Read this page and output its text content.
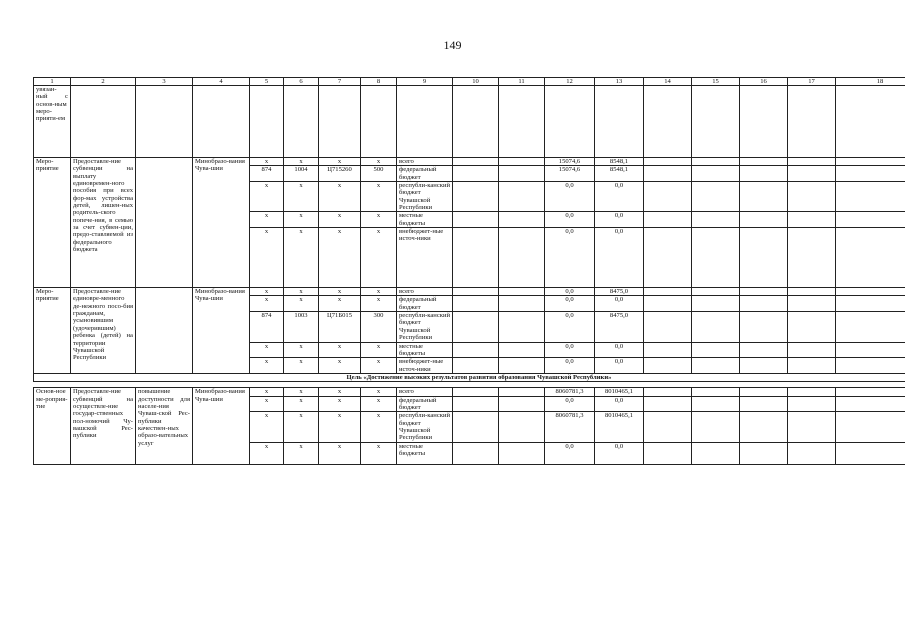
149
1	2	3	4	5	6	7	8	9	10	11	12	13	14	15	16	17	18
увязан-ный с основ-ным меро-прияти-ем																	
Меро-приятие	Предоставле-ние субвенции на выплату единовремен-ного пособия при всех фор-мах устройства детей, лишен-ных родитель-ского попече-ния, в семью за счет субвен-ции, предо-ставляемой из федерального бюджета		Минобразо-вания Чува-шии	x	x	x	x	всего			15074,6	8548,1					
				874	1004	Ц715260	500	федеральный бюджет			15074,6	8548,1					
				x	x	x	x	республи-канский бюджет Чувашской Республики			0,0	0,0					
				x	x	x	x	местные бюджеты			0,0	0,0					
				x	x	x	x	внебюджет-ные источ-ники			0,0	0,0					
Меро-приятие	Предоставле-ние единовре-менного де-нежного посо-бия гражданам, усыновившим (удочерившим) ребенка (детей) на территории Чувашской Республики		Минобразо-вания Чува-шии	x	x	x	x	всего			0,0	8475,0					
				x	x	x	x	федеральный бюджет			0,0	0,0					
				874	1003	Ц71Б015	300	республи-канский бюджет Чувашской Республики			0,0	8475,0					
				x	x	x	x	местные бюджеты			0,0	0,0					
				x	x	x	x	внебюджет-ные источ-ники			0,0	0,0					
Цель «Достижение высоких результатов развития образования Чувашской Республики»																	

Основ-ное ме-роприя-тие	Предоставле-ние субвенций на осуществле-ние государ-ственных пол-номочий Чу-вашской Рес-публики	повышение доступности для населе-ния Чуваш-ской Рес-публики качествен-ных образо-вательных услуг	Минобразо-вания Чува-шии	x	x	x	x	всего			8060781,3	8010465,1					
				x	x	x	x	федеральный бюджет			0,0	0,0					
				x	x	x	x	республи-канский бюджет Чувашской Республики			8060781,3	8010465,1					
				x	x	x	x	местные бюджеты			0,0	0,0					
